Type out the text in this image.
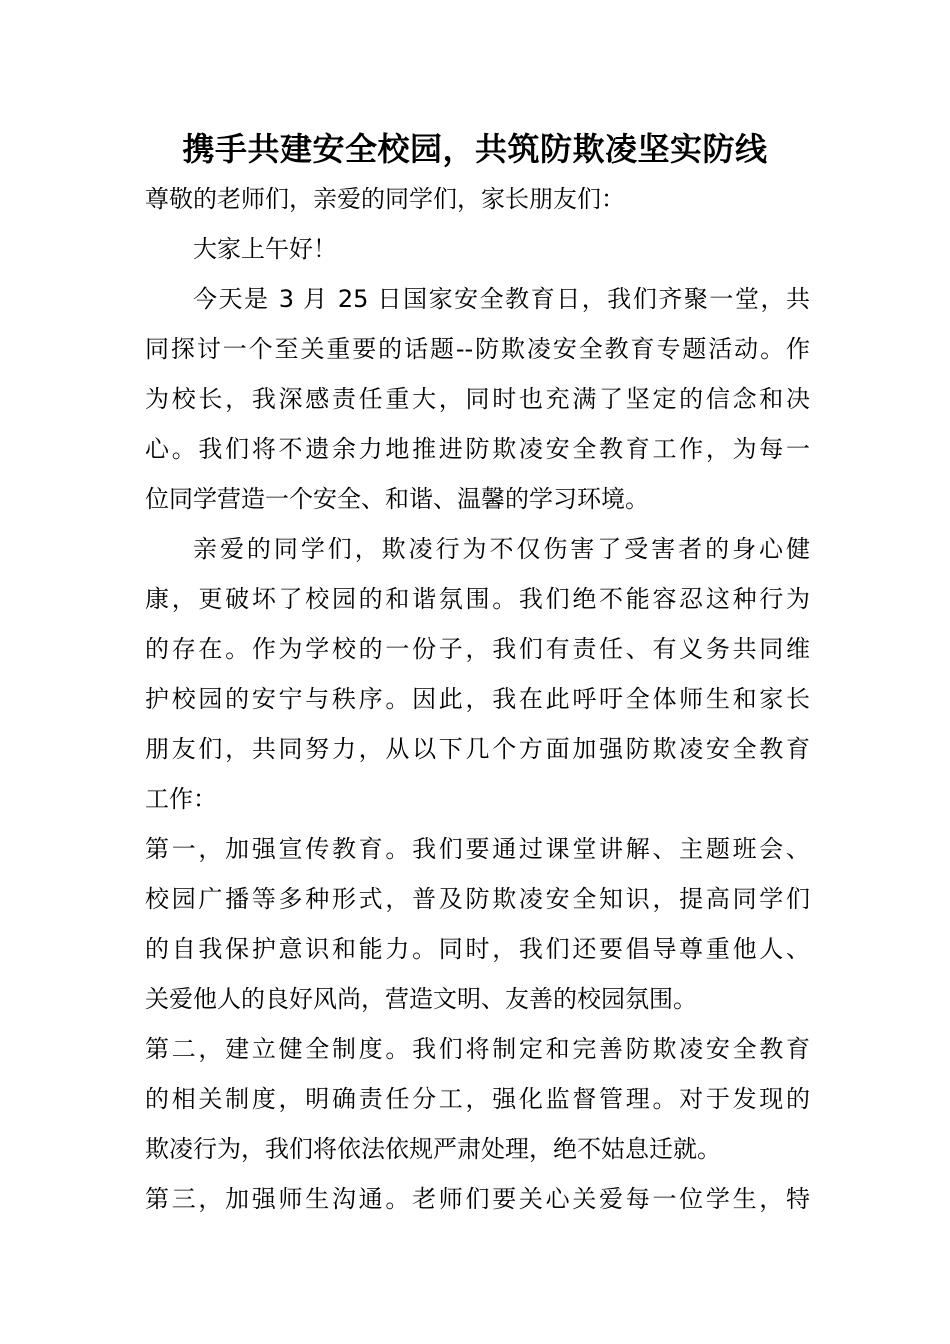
携手共建安全校园，共筑防欺凌坚实防线
尊敬的老师们，亲爱的同学们，家长朋友们：
大家上午好！
今天是 3 月 25 日国家安全教育日，我们齐聚一堂，共
同探讨一个至关重要的话题--防欺凌安全教育专题活动。作
为校长，我深感责任重大，同时也充满了坚定的信念和决
心。我们将不遗余力地推进防欺凌安全教育工作，为每一
位同学营造一个安全、和谐、温馨的学习环境。
亲爱的同学们，欺凌行为不仅伤害了受害者的身心健
康，更破坏了校园的和谐氛围。我们绝不能容忍这种行为
的存在。作为学校的一份子，我们有责任、有义务共同维
护校园的安宁与秩序。因此，我在此呼吁全体师生和家长
朋友们，共同努力，从以下几个方面加强防欺凌安全教育
工作：
第一，加强宣传教育。我们要通过课堂讲解、主题班会、
校园广播等多种形式，普及防欺凌安全知识，提高同学们
的自我保护意识和能力。同时，我们还要倡导尊重他人、
关爱他人的良好风尚，营造文明、友善的校园氛围。
第二，建立健全制度。我们将制定和完善防欺凌安全教育
的相关制度，明确责任分工，强化监督管理。对于发现的
欺凌行为，我们将依法依规严肃处理，绝不姑息迁就。
第三，加强师生沟通。老师们要关心关爱每一位学生，特
